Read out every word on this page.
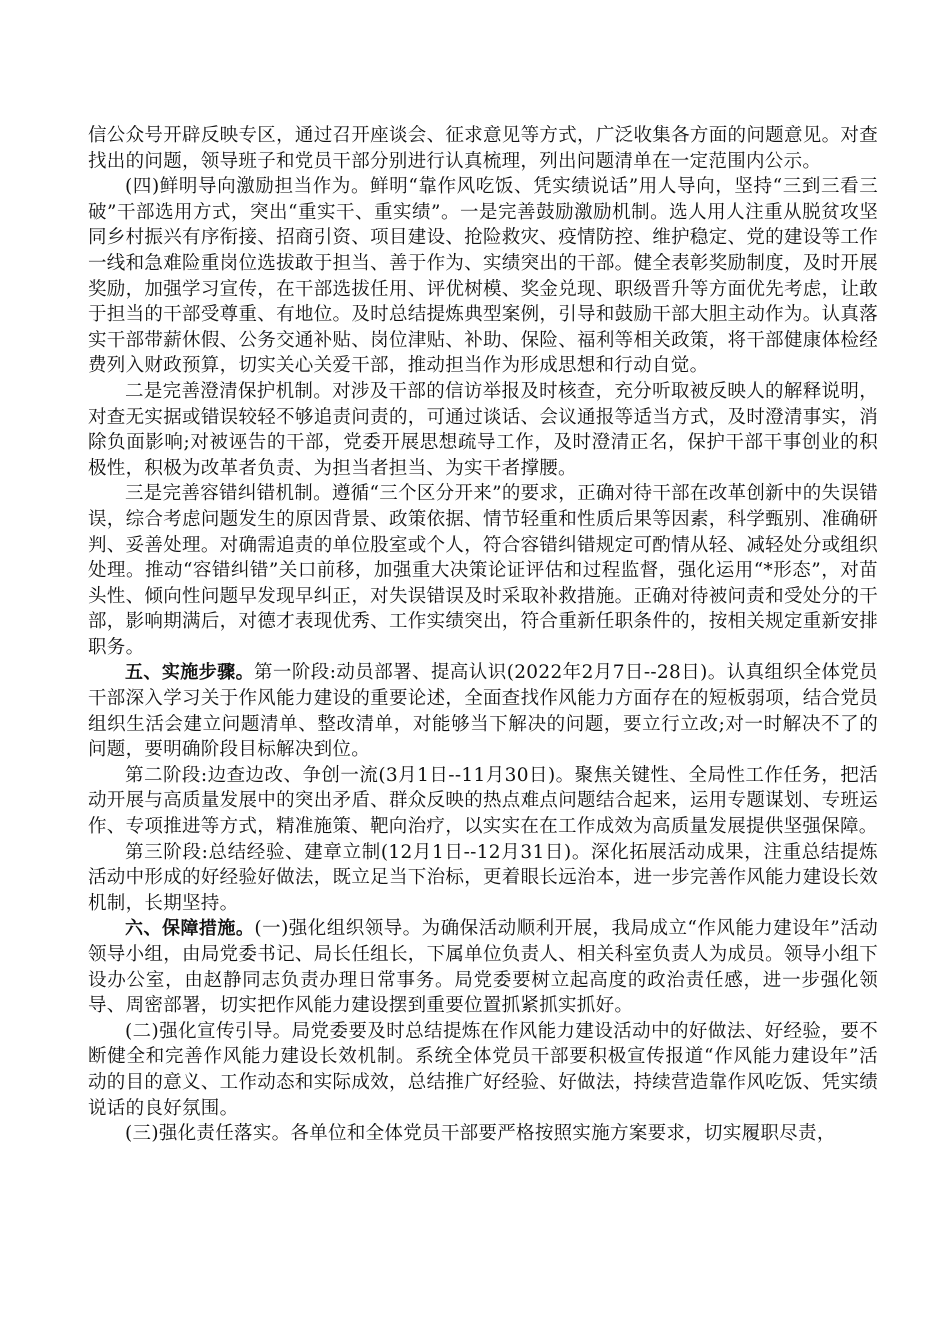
信公众号开辟反映专区，通过召开座谈会、征求意见等方式，广泛收集各方面的问题意见。对查找出的问题，领导班子和党员干部分别进行认真梳理，列出问题清单在一定范围内公示。

(四)鲜明导向激励担当作为。鲜明“靠作风吃饭、凭实绩说话”用人导向，坚持“三到三看三破”干部选用方式，突出“重实干、重实绩”。一是完善鼓励激励机制。选人用人注重从脱贫攻坚同乡村振兴有序衔接、招商引资、项目建设、抢险救灾、疫情防控、维护稳定、党的建设等工作一线和急难险重岗位选拔敢于担当、善于作为、实绩突出的干部。健全表彰奖励制度，及时开展奖励，加强学习宣传，在干部选拔任用、评优树模、奖金兑现、职级晋升等方面优先考虑，让敢于担当的干部受尊重、有地位。及时总结提炼典型案例，引导和鼓励干部大胆主动作为。认真落实干部带薪休假、公务交通补贴、岗位津贴、补助、保险、福利等相关政策，将干部健康体检经费列入财政预算，切实关心关爱干部，推动担当作为形成思想和行动自觉。

二是完善澄清保护机制。对涉及干部的信访举报及时核查，充分听取被反映人的解释说明，对查无实据或错误较轻不够追责问责的，可通过谈话、会议通报等适当方式，及时澄清事实，消除负面影响;对被诬告的干部，党委开展思想疏导工作，及时澄清正名，保护干部干事创业的积极性，积极为改革者负责、为担当者担当、为实干者撑腰。

三是完善容错纠错机制。遵循“三个区分开来”的要求，正确对待干部在改革创新中的失误错误，综合考虑问题发生的原因背景、政策依据、情节轻重和性质后果等因素，科学甄别、准确研判、妥善处理。对确需追责的单位股室或个人，符合容错纠错规定可酌情从轻、减轻处分或组织处理。推动“容错纠错”关口前移，加强重大决策论证评估和过程监督，强化运用“*形态”，对苗头性、倾向性问题早发现早纠正，对失误错误及时采取补救措施。正确对待被问责和受处分的干部，影响期满后，对德才表现优秀、工作实绩突出，符合重新任职条件的，按相关规定重新安排职务。

五、实施步骤。第一阶段:动员部署、提高认识(2022年2月7日--28日)。认真组织全体党员干部深入学习关于作风能力建设的重要论述，全面查找作风能力方面存在的短板弱项，结合党员组织生活会建立问题清单、整改清单，对能够当下解决的问题，要立行立改;对一时解决不了的问题，要明确阶段目标解决到位。

第二阶段:边查边改、争创一流(3月1日--11月30日)。聚焦关键性、全局性工作任务，把活动开展与高质量发展中的突出矛盾、群众反映的热点难点问题结合起来，运用专题谋划、专班运作、专项推进等方式，精准施策、靶向治疗，以实实在在工作成效为高质量发展提供坚强保障。

第三阶段:总结经验、建章立制(12月1日--12月31日)。深化拓展活动成果，注重总结提炼活动中形成的好经验好做法，既立足当下治标，更着眼长远治本，进一步完善作风能力建设长效机制，长期坚持。

六、保障措施。(一)强化组织领导。为确保活动顺利开展，我局成立“作风能力建设年”活动领导小组，由局党委书记、局长任组长，下属单位负责人、相关科室负责人为成员。领导小组下设办公室，由赵静同志负责办理日常事务。局党委要树立起高度的政治责任感，进一步强化领导、周密部署，切实把作风能力建设摆到重要位置抓紧抓实抓好。

(二)强化宣传引导。局党委要及时总结提炼在作风能力建设活动中的好做法、好经验，要不断健全和完善作风能力建设长效机制。系统全体党员干部要积极宣传报道“作风能力建设年”活动的目的意义、工作动态和实际成效，总结推广好经验、好做法，持续营造靠作风吃饭、凭实绩说话的良好氛围。

(三)强化责任落实。各单位和全体党员干部要严格按照实施方案要求，切实履职尽责，
